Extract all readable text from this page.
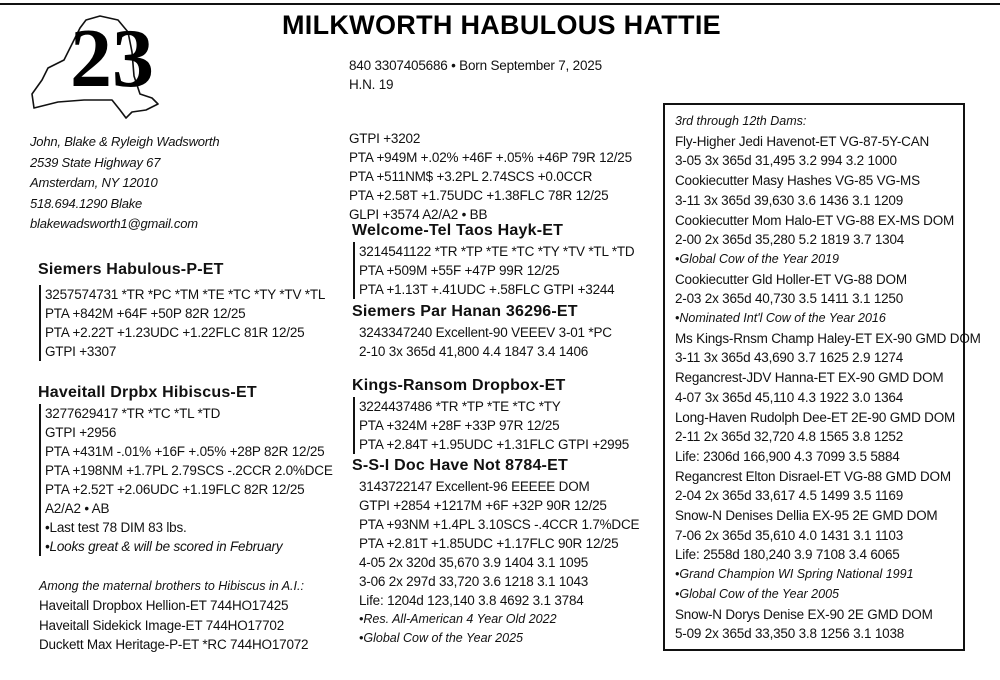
23	MILKWORTH HABULOUS HATTIE
John, Blake & Ryleigh Wadsworth
2539 State Highway 67
Amsterdam, NY 12010
518.694.1290 Blake
blakewadsworth1@gmail.com
840 3307405686 • Born September 7, 2025
H.N. 19
GTPI +3202
PTA +949M +.02% +46F +.05% +46P 79R 12/25
PTA +511NM$ +3.2PL 2.74SCS +0.0CCR
PTA +2.58T +1.75UDC +1.38FLC 78R 12/25
GLPI +3574 A2/A2 • BB
Siemers Habulous-P-ET
3257574731 *TR *PC *TM *TE *TC *TY *TV *TL
PTA +842M +64F +50P 82R 12/25
PTA +2.22T +1.23UDC +1.22FLC 81R 12/25
GTPI +3307
Haveitall Drpbx Hibiscus-ET
3277629417 *TR *TC *TL *TD
GTPI +2956
PTA +431M -.01% +16F +.05% +28P 82R 12/25
PTA +198NM +1.7PL 2.79SCS -.2CCR 2.0%DCE
PTA +2.52T +2.06UDC +1.19FLC 82R 12/25
A2/A2 • AB
•Last test 78 DIM 83 lbs.
•Looks great & will be scored in February
Among the maternal brothers to Hibiscus in A.I.:
Haveitall Dropbox Hellion-ET 744HO17425
Haveitall Sidekick Image-ET 744HO17702
Duckett Max Heritage-P-ET *RC 744HO17072
Welcome-Tel Taos Hayk-ET
3214541122 *TR *TP *TE *TC *TY *TV *TL *TD
PTA +509M +55F +47P 99R 12/25
PTA +1.13T +.41UDC +.58FLC GTPI +3244
Siemers Par Hanan 36296-ET
3243347240 Excellent-90 VEEEV 3-01 *PC
2-10 3x 365d 41,800 4.4 1847 3.4 1406
Kings-Ransom Dropbox-ET
3224437486 *TR *TP *TE *TC *TY
PTA +324M +28F +33P 97R 12/25
PTA +2.84T +1.95UDC +1.31FLC GTPI +2995
S-S-I Doc Have Not 8784-ET
3143722147 Excellent-96 EEEEE DOM
GTPI +2854 +1217M +6F +32P 90R 12/25
PTA +93NM +1.4PL 3.10SCS -.4CCR 1.7%DCE
PTA +2.81T +1.85UDC +1.17FLC 90R 12/25
4-05 2x 320d 35,670 3.9 1404 3.1 1095
3-06 2x 297d 33,720 3.6 1218 3.1 1043
Life: 1204d 123,140 3.8 4692 3.1 3784
•Res. All-American 4 Year Old 2022
•Global Cow of the Year 2025
3rd through 12th Dams:
Fly-Higher Jedi Havenot-ET VG-87-5Y-CAN
3-05 3x 365d 31,495 3.2 994 3.2 1000
Cookiecutter Masy Hashes VG-85 VG-MS
3-11 3x 365d 39,630 3.6 1436 3.1 1209
Cookiecutter Mom Halo-ET VG-88 EX-MS DOM
2-00 2x 365d 35,280 5.2 1819 3.7 1304
•Global Cow of the Year 2019
Cookiecutter Gld Holler-ET VG-88 DOM
2-03 2x 365d 40,730 3.5 1411 3.1 1250
•Nominated Int'l Cow of the Year 2016
Ms Kings-Rnsm Champ Haley-ET EX-90 GMD DOM
3-11 3x 365d 43,690 3.7 1625 2.9 1274
Regancrest-JDV Hanna-ET EX-90 GMD DOM
4-07 3x 365d 45,110 4.3 1922 3.0 1364
Long-Haven Rudolph Dee-ET 2E-90 GMD DOM
2-11 2x 365d 32,720 4.8 1565 3.8 1252
Life: 2306d 166,900 4.3 7099 3.5 5884
Regancrest Elton Disrael-ET VG-88 GMD DOM
2-04 2x 365d 33,617 4.5 1499 3.5 1169
Snow-N Denises Dellia EX-95 2E GMD DOM
7-06 2x 365d 35,610 4.0 1431 3.1 1103
Life: 2558d 180,240 3.9 7108 3.4 6065
•Grand Champion WI Spring National 1991
•Global Cow of the Year 2005
Snow-N Dorys Denise EX-90 2E GMD DOM
5-09 2x 365d 33,350 3.8 1256 3.1 1038
